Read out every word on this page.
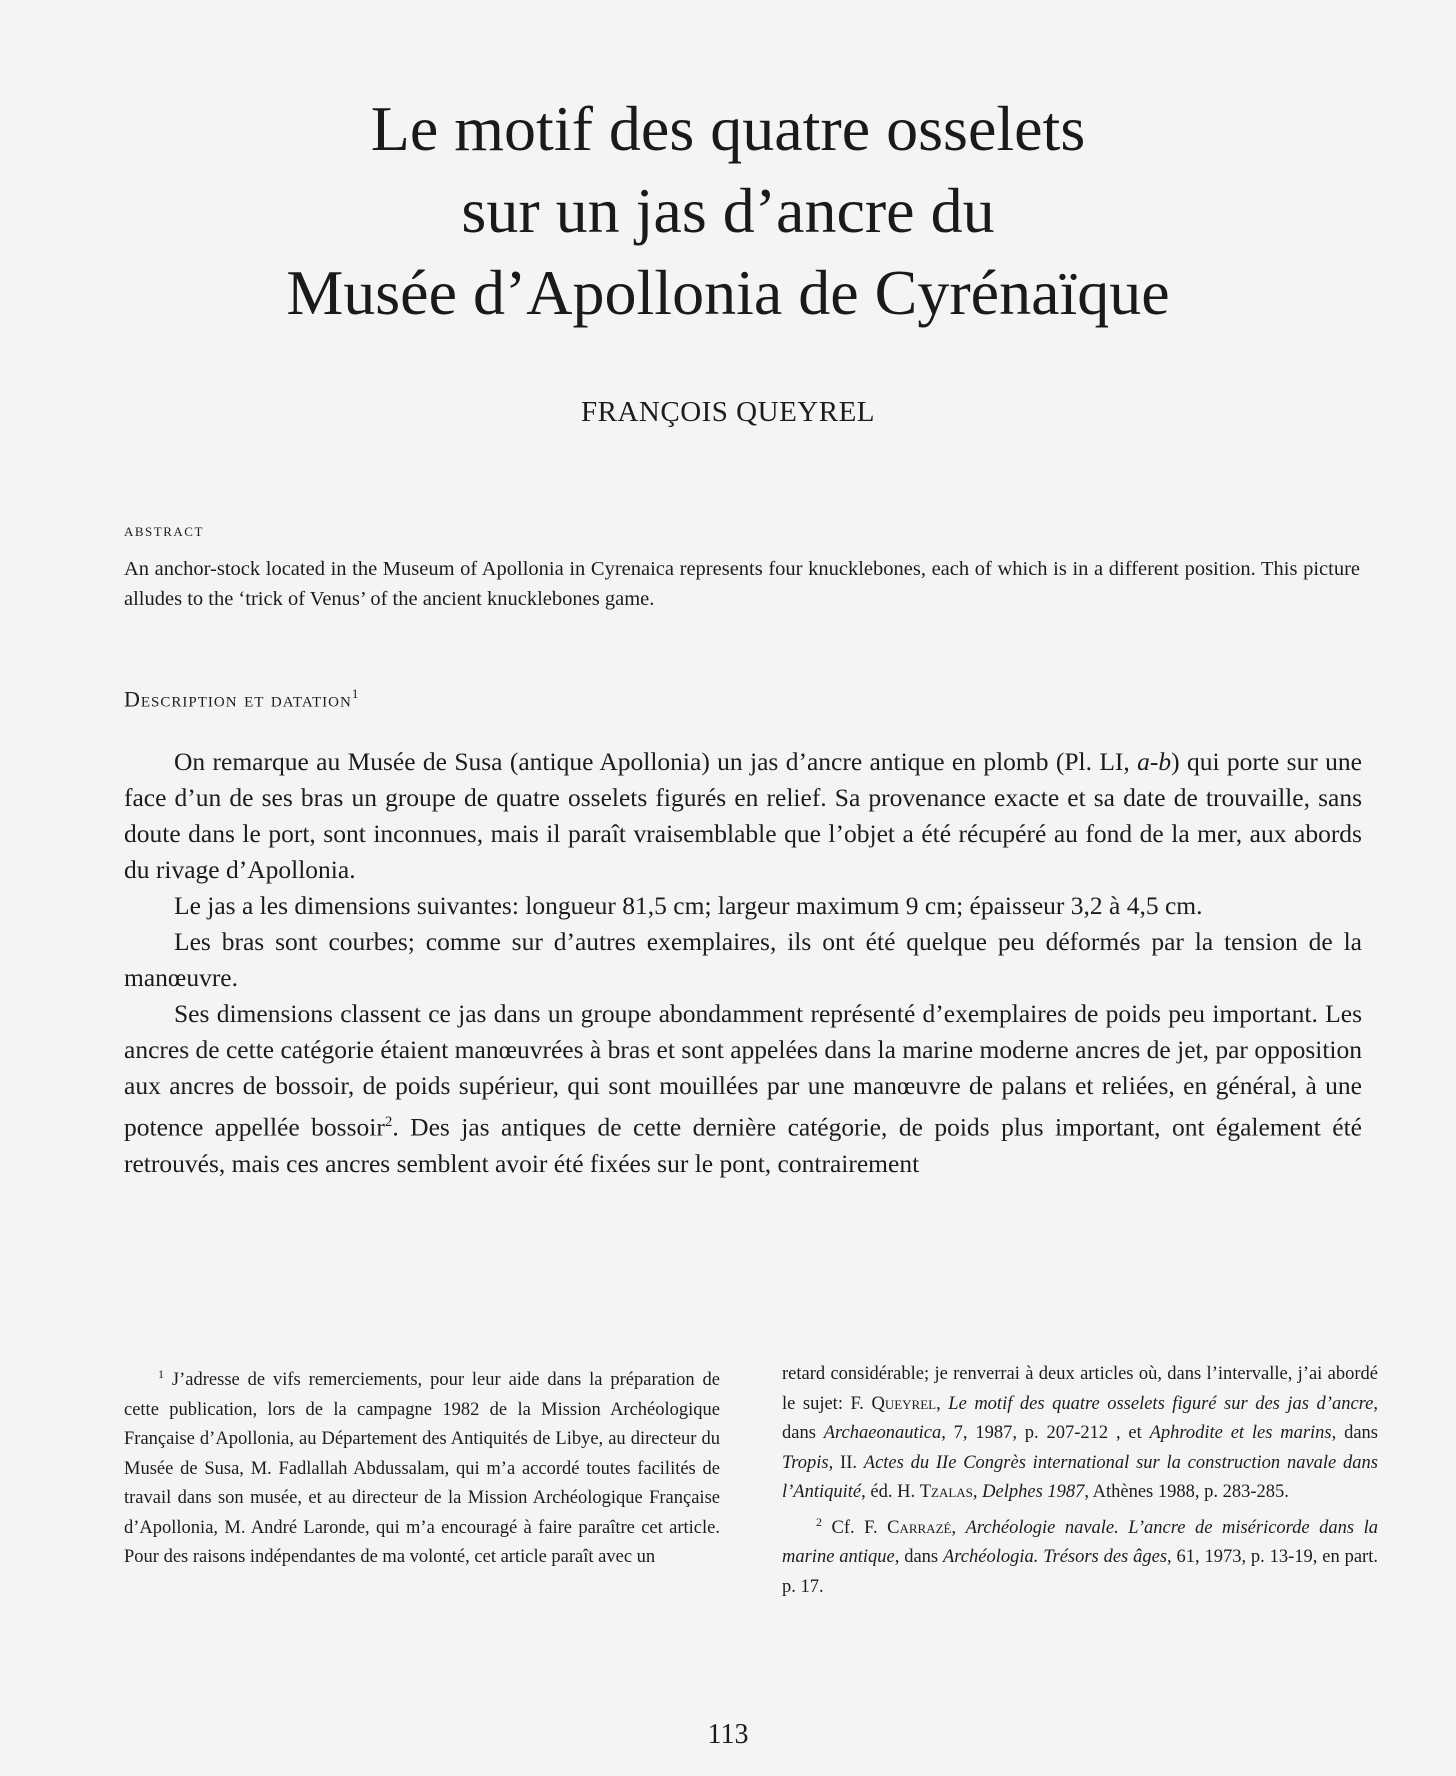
Le motif des quatre osselets
sur un jas d’ancre du
Musée d’Apollonia de Cyrénaïque
FRANÇOIS QUEYREL
ABSTRACT

An anchor-stock located in the Museum of Apollonia in Cyrenaica represents four knucklebones, each of which is in a different position. This picture alludes to the ‘trick of Venus’ of the ancient knucklebones game.

Description et datation$^1$

On remarque au Musée de Susa (antique Apollonia) un jas d’ancre antique en plomb (Pl. LI, a-b) qui porte sur une face d’un de ses bras un groupe de quatre osselets figurés en relief. Sa provenance exacte et sa date de trouvaille, sans doute dans le port, sont inconnues, mais il paraît vraisemblable que l’objet a été récupéré au fond de la mer, aux abords du rivage d’Apollonia.

Le jas a les dimensions suivantes: longueur 81,5 cm; largeur maximum 9 cm; épaisseur 3,2 à 4,5 cm.

Les bras sont courbes; comme sur d’autres exemplaires, ils ont été quelque peu déformés par la tension de la manœuvre.

Ses dimensions classent ce jas dans un groupe abondamment représenté d’exemplaires de poids peu important. Les ancres de cette catégorie étaient manœuvrées à bras et sont appelées dans la marine moderne ancres de jet, par opposition aux ancres de bossoir, de poids supérieur, qui sont mouillées par une manœuvre de palans et reliées, en général, à une potence appellée bossoir$^2$. Des jas antiques de cette dernière catégorie, de poids plus important, ont également été retrouvés, mais ces ancres semblent avoir été fixées sur le pont, contrairement

$^1$ J’adresse de vifs remerciements, pour leur aide dans la préparation de cette publication, lors de la campagne 1982 de la Mission Archéologique Française d’Apollonia, au Département des Antiquités de Libye, au directeur du Musée de Susa, M. Fadlallah Abdussalam, qui m’a accordé toutes facilités de travail dans son musée, et au directeur de la Mission Archéologique Française d’Apollonia, M. André Laronde, qui m’a encouragé à faire paraître cet article. Pour des raisons indépendantes de ma volonté, cet article paraît avec un

retard considérable; je renverrai à deux articles où, dans l’intervalle, j’ai abordé le sujet: F. Queyrel, Le motif des quatre osselets figuré sur des jas d’ancre, dans Archaeonautica, 7, 1987, p. 207-212 , et Aphrodite et les marins, dans Tropis, II. Actes du IIe Congrès international sur la construction navale dans l’Antiquité, éd. H. Tzalas, Delphes 1987, Athènes 1988, p. 283-285.

$^2$ Cf. F. Carrazé, Archéologie navale. L’ancre de miséricorde dans la marine antique, dans Archéologia. Trésors des âges, 61, 1973, p. 13-19, en part. p. 17.

113
